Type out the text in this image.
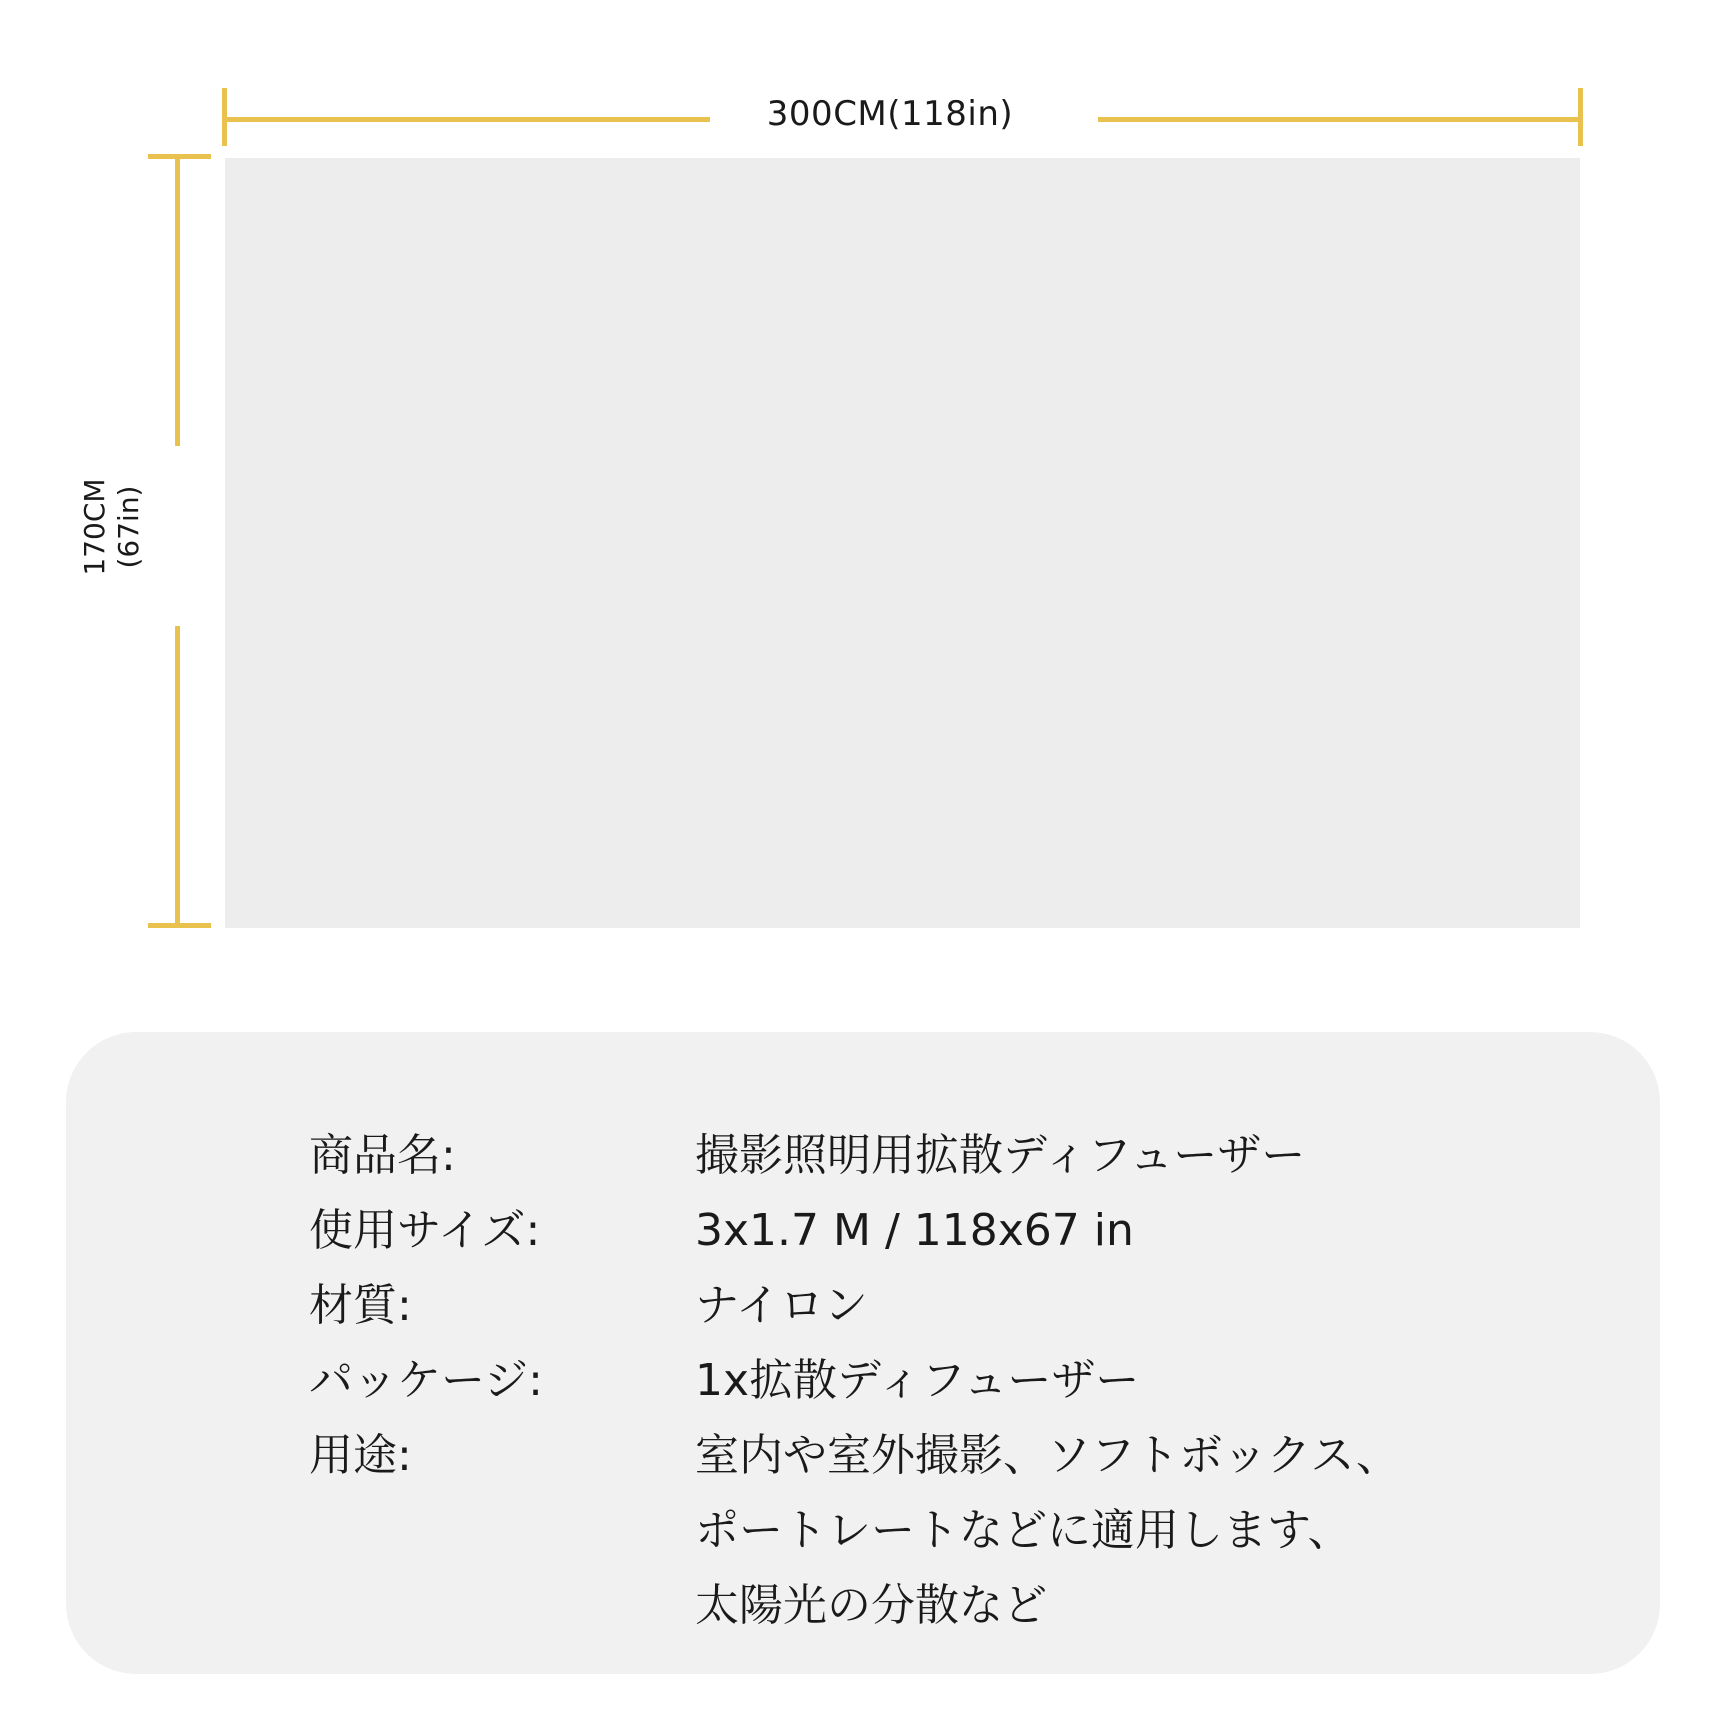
300CM(118in)
170CM (67in)
商品名:	撮影照明用拡散ディフューザー
使用サイズ:	3x1.7 M / 118x67 in
材質:	ナイロン
パッケージ:	1x拡散ディフューザー
用途:	室内や室外撮影、ソフトボックス、
ポートレートなどに適用します、
太陽光の分散など
